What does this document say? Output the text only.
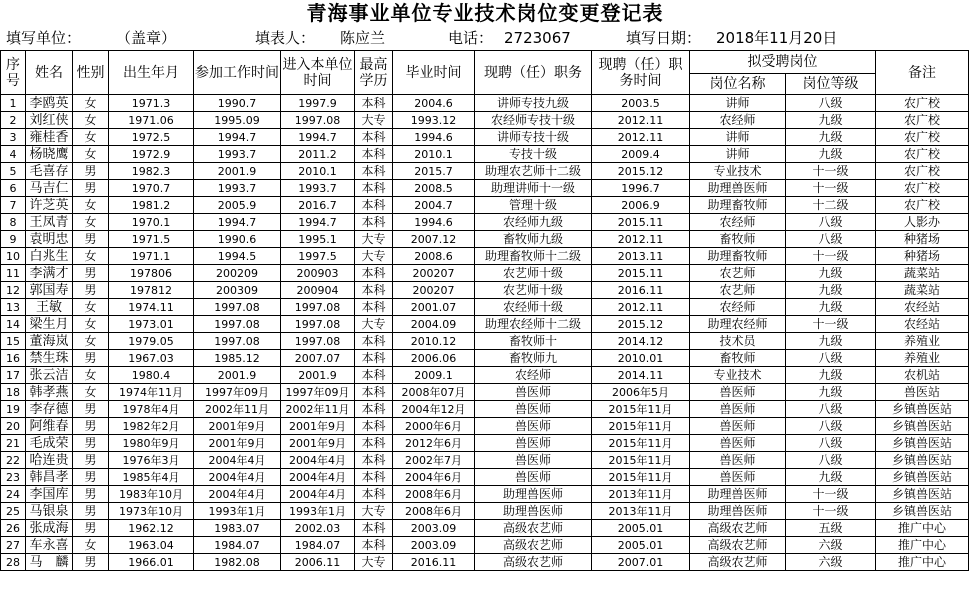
青海事业单位专业技术岗位变更登记表
填写单位： （盖章）	填表人： 陈应兰	电话： 2723067	填写日期： 2018年11月20日
序号	姓名	性别	出生年月	参加工作时间	进入本单位时间	最高学历	毕业时间	现聘（任）职务	现聘（任）职务时间	拟受聘岗位		备注
										岗位名称	岗位等级	
1	李鸥英	女	1971.3	1990.7	1997.9	本科	2004.6	讲师专技九级	2003.5	讲师	八级	农广校
2	刘红侠	女	1971.06	1995.09	1997.08	大专	1993.12	农经师专技十级	2012.11	农经师	九级	农广校
3	雍桂香	女	1972.5	1994.7	1994.7	本科	1994.6	讲师专技十级	2012.11	讲师	九级	农广校
4	杨晓鹰	女	1972.9	1993.7	2011.2	本科	2010.1	专技十级	2009.4	讲师	九级	农广校
5	毛喜存	男	1982.3	2001.9	2010.1	本科	2015.7	助理农艺师十二级	2015.12	专业技术	十一级	农广校
6	马吉仁	男	1970.7	1993.7	1993.7	本科	2008.5	助理讲师十一级	1996.7	助理兽医师	十一级	农广校
7	许芝英	女	1981.2	2005.9	2016.7	本科	2004.7	管理十级	2006.9	助理畜牧师	十二级	农广校
8	王凤青	女	1970.1	1994.7	1994.7	本科	1994.6	农经师九级	2015.11	农经师	八级	人影办
9	袁明忠	男	1971.5	1990.6	1995.1	大专	2007.12	畜牧师九级	2012.11	畜牧师	八级	种猪场
10	白兆生	女	1971.1	1994.5	1997.5	大专	2008.6	助理畜牧师十二级	2013.11	助理畜牧师	十一级	种猪场
11	李满才	男	197806	200209	200903	本科	200207	农艺师十级	2015.11	农艺师	九级	蔬菜站
12	郭国寿	男	197812	200309	200904	本科	200207	农艺师十级	2016.11	农艺师	九级	蔬菜站
13	王敏	女	1974.11	1997.08	1997.08	本科	2001.07	农经师十级	2012.11	农经师	九级	农经站
14	梁生月	女	1973.01	1997.08	1997.08	大专	2004.09	助理农经师十二级	2015.12	助理农经师	十一级	农经站
15	董海岚	女	1979.05	1997.08	1997.08	本科	2010.12	畜牧师十	2014.12	技术员	九级	养殖业
16	禁生珠	男	1967.03	1985.12	2007.07	本科	2006.06	畜牧师九	2010.01	畜牧师	八级	养殖业
17	张云洁	女	1980.4	2001.9	2001.9	本科	2009.1	农经师	2014.11	专业技术	九级	农机站
18	韩孝燕	女	1974年11月	1997年09月	1997年09月	本科	2008年07月	兽医师	2006年5月	兽医师	九级	兽医站
19	李存德	男	1978年4月	2002年11月	2002年11月	本科	2004年12月	兽医师	2015年11月	兽医师	八级	乡镇兽医站
20	阿维春	男	1982年2月	2001年9月	2001年9月	本科	2000年6月	兽医师	2015年11月	兽医师	八级	乡镇兽医站
21	毛成荣	男	1980年9月	2001年9月	2001年9月	本科	2012年6月	兽医师	2015年11月	兽医师	八级	乡镇兽医站
22	哈连贵	男	1976年3月	2004年4月	2004年4月	本科	2002年7月	兽医师	2015年11月	兽医师	八级	乡镇兽医站
23	韩昌孝	男	1985年4月	2004年4月	2004年4月	本科	2004年6月	兽医师	2015年11月	兽医师	九级	乡镇兽医站
24	李国库	男	1983年10月	2004年4月	2004年4月	本科	2008年6月	助理兽医师	2013年11月	助理兽医师	十一级	乡镇兽医站
25	马银泉	男	1973年10月	1993年1月	1993年1月	大专	2008年6月	助理兽医师	2013年11月	助理兽医师	十一级	乡镇兽医站
26	张成海	男	1962.12	1983.07	2002.03	本科	2003.09	高级农艺师	2005.01	高级农艺师	五级	推广中心
27	车永喜	女	1963.04	1984.07	1984.07	本科	2003.09	高级农艺师	2005.01	高级农艺师	六级	推广中心
28	马　麟	男	1966.01	1982.08	2006.11	大专	2016.11	高级农艺师	2007.01	高级农艺师	六级	推广中心
